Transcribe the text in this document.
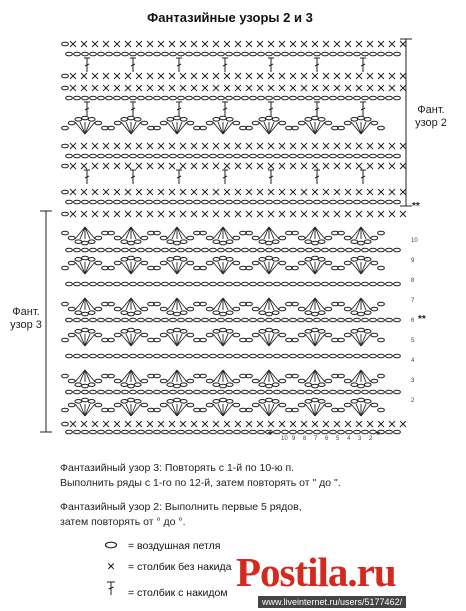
Фантазийные узоры 2 и 3
10
9
8
7
6
5
4
3
2
10 9 8 7 6 5 4 3 2
Фант.
узор 2
**
Фант.
узор 3	**
*	*
Фантазийный узор 3: Повторять с 1-й по 10-ю п.
Выполнить ряды с 1-го по 12-й, затем повторять от " до ".
Фантазийный узор 2: Выполнить первые 5 рядов,
затем повторять от ° до °.
= воздушная петля
✕ = столбик без накида
= столбик с накидом Postila.ru
www.liveinternet.ru/users/5177462/
